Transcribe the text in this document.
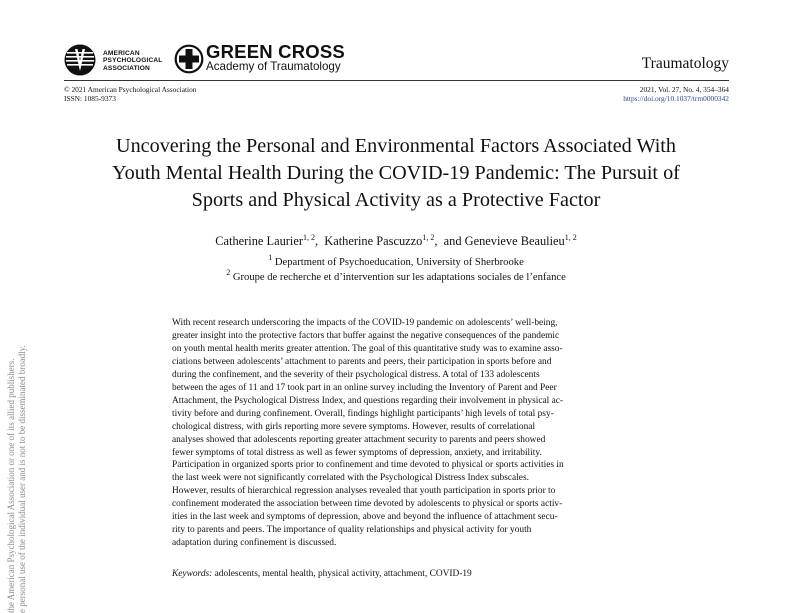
AMERICAN
PSYCHOLOGICAL
ASSOCIATION
GREEN CROSS
Academy of Traumatology	Traumatology
© 2021 American Psychological Association
ISSN: 1085-9373
2021, Vol. 27, No. 4, 354–364
https://doi.org/10.1037/trm0000342
Uncovering the Personal and Environmental Factors Associated With
Youth Mental Health During the COVID-19 Pandemic: The Pursuit of
Sports and Physical Activity as a Protective Factor
Catherine Laurier$^{1, 2}$,  Katherine Pascuzzo$^{1, 2}$,  and Genevieve Beaulieu$^{1, 2}$
$^1$ Department of Psychoeducation, University of Sherbrooke
$^2$ Groupe de recherche et d’intervention sur les adaptations sociales de l’enfance
With recent research underscoring the impacts of the COVID-19 pandemic on adolescents’ well-being,
greater insight into the protective factors that buffer against the negative consequences of the pandemic
on youth mental health merits greater attention. The goal of this quantitative study was to examine asso-
ciations between adolescents’ attachment to parents and peers, their participation in sports before and
during the confinement, and the severity of their psychological distress. A total of 133 adolescents
between the ages of 11 and 17 took part in an online survey including the Inventory of Parent and Peer
Attachment, the Psychological Distress Index, and questions regarding their involvement in physical ac-
tivity before and during confinement. Overall, findings highlight participants’ high levels of total psy-
chological distress, with girls reporting more severe symptoms. However, results of correlational
analyses showed that adolescents reporting greater attachment security to parents and peers showed
fewer symptoms of total distress as well as fewer symptoms of depression, anxiety, and irritability.
Participation in organized sports prior to confinement and time devoted to physical or sports activities in
the last week were not significantly correlated with the Psychological Distress Index subscales.
However, results of hierarchical regression analyses revealed that youth participation in sports prior to
confinement moderated the association between time devoted by adolescents to physical or sports activ-
ities in the last week and symptoms of depression, above and beyond the influence of attachment secu-
rity to parents and peers. The importance of quality relationships and physical activity for youth
adaptation during confinement is discussed.
Keywords: adolescents, mental health, physical activity, attachment, COVID-19
the American Psychological Association or one of its allied publishers. e personal use of the individual user and is not to be disseminated broadly.
